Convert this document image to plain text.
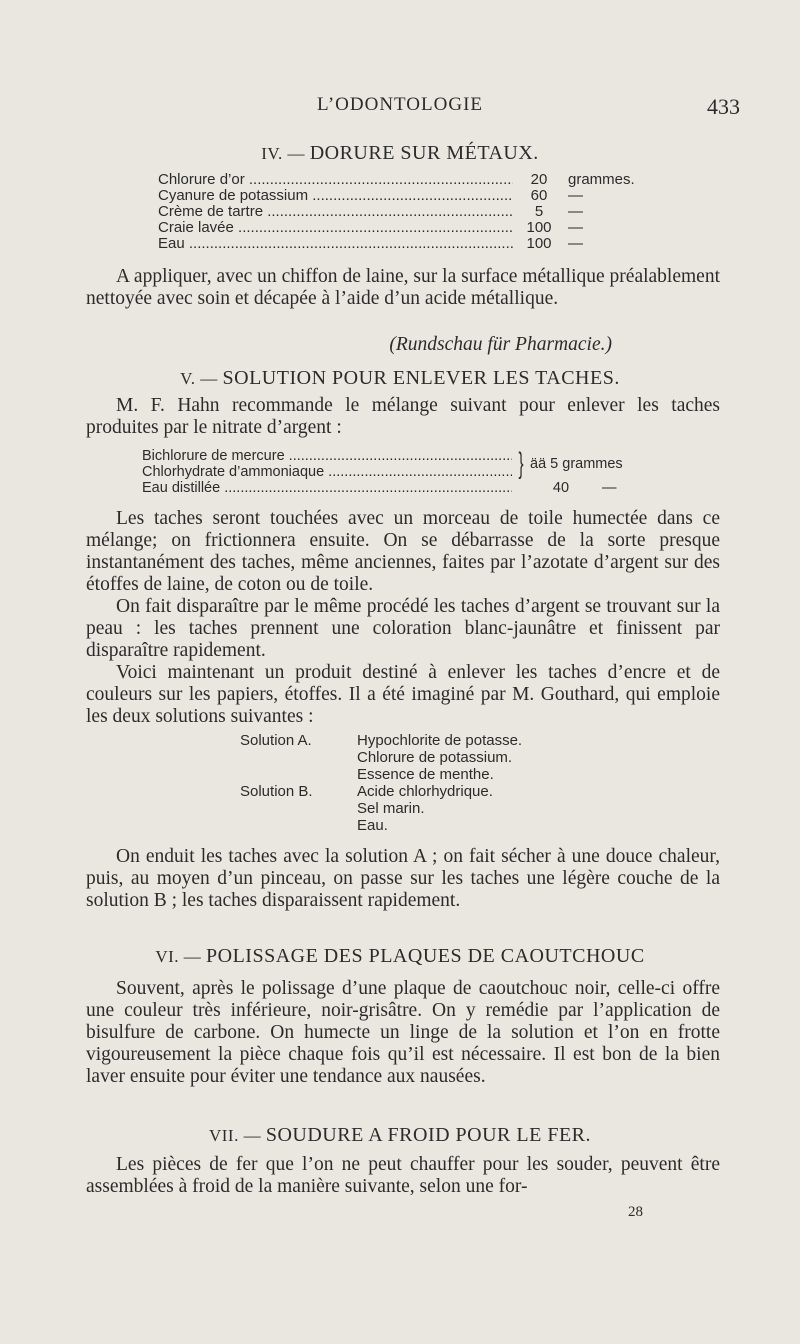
L’ODONTOLOGIE	433
IV. — DORURE SUR MÉTAUX.
Chlorure d’or .....	20	grammes.
Cyanure de potassium .....	60	—
Crème de tartre .....	5	—
Craie lavée .....	100	—
Eau .....	100	—

A appliquer, avec un chiffon de laine, sur la surface métallique préalablement nettoyée avec soin et décapée à l’aide d’un acide métallique.

(Rundschau für Pharmacie.)
V. — SOLUTION POUR ENLEVER LES TACHES.

M. F. Hahn recommande le mélange suivant pour enlever les taches produites par le nitrate d’argent :

Bichlorure de mercure .....	} ää 5 grammes
Chlorhydrate d’ammoniaque .....
Eau distillée .....	40	—

Les taches seront touchées avec un morceau de toile humectée dans ce mélange; on frictionnera ensuite. On se débarrasse de la sorte presque instantanément des taches, même anciennes, faites par l’azotate d’argent sur des étoffes de laine, de coton ou de toile.

On fait disparaître par le même procédé les taches d’argent se trouvant sur la peau : les taches prennent une coloration blanc-jaunâtre et finissent par disparaître rapidement.

Voici maintenant un produit destiné à enlever les taches d’encre et de couleurs sur les papiers, étoffes. Il a été imaginé par M. Gouthard, qui emploie les deux solutions suivantes :

Solution A.	Hypochlorite de potasse.
Chlorure de potassium.
Essence de menthe.
Solution B.	Acide chlorhydrique.
Sel marin.
Eau.

On enduit les taches avec la solution A ; on fait sécher à une douce chaleur, puis, au moyen d’un pinceau, on passe sur les taches une légère couche de la solution B ; les taches disparaissent rapidement.

VI. — POLISSAGE DES PLAQUES DE CAOUTCHOUC

Souvent, après le polissage d’une plaque de caoutchouc noir, celle-ci offre une couleur très inférieure, noir-grisâtre. On y remédie par l’application de bisulfure de carbone. On humecte un linge de la solution et l’on en frotte vigoureusement la pièce chaque fois qu’il est nécessaire. Il est bon de la bien laver ensuite pour éviter une tendance aux nausées.

VII. — SOUDURE A FROID POUR LE FER.

Les pièces de fer que l’on ne peut chauffer pour les souder, peuvent être assemblées à froid de la manière suivante, selon une for-

28
